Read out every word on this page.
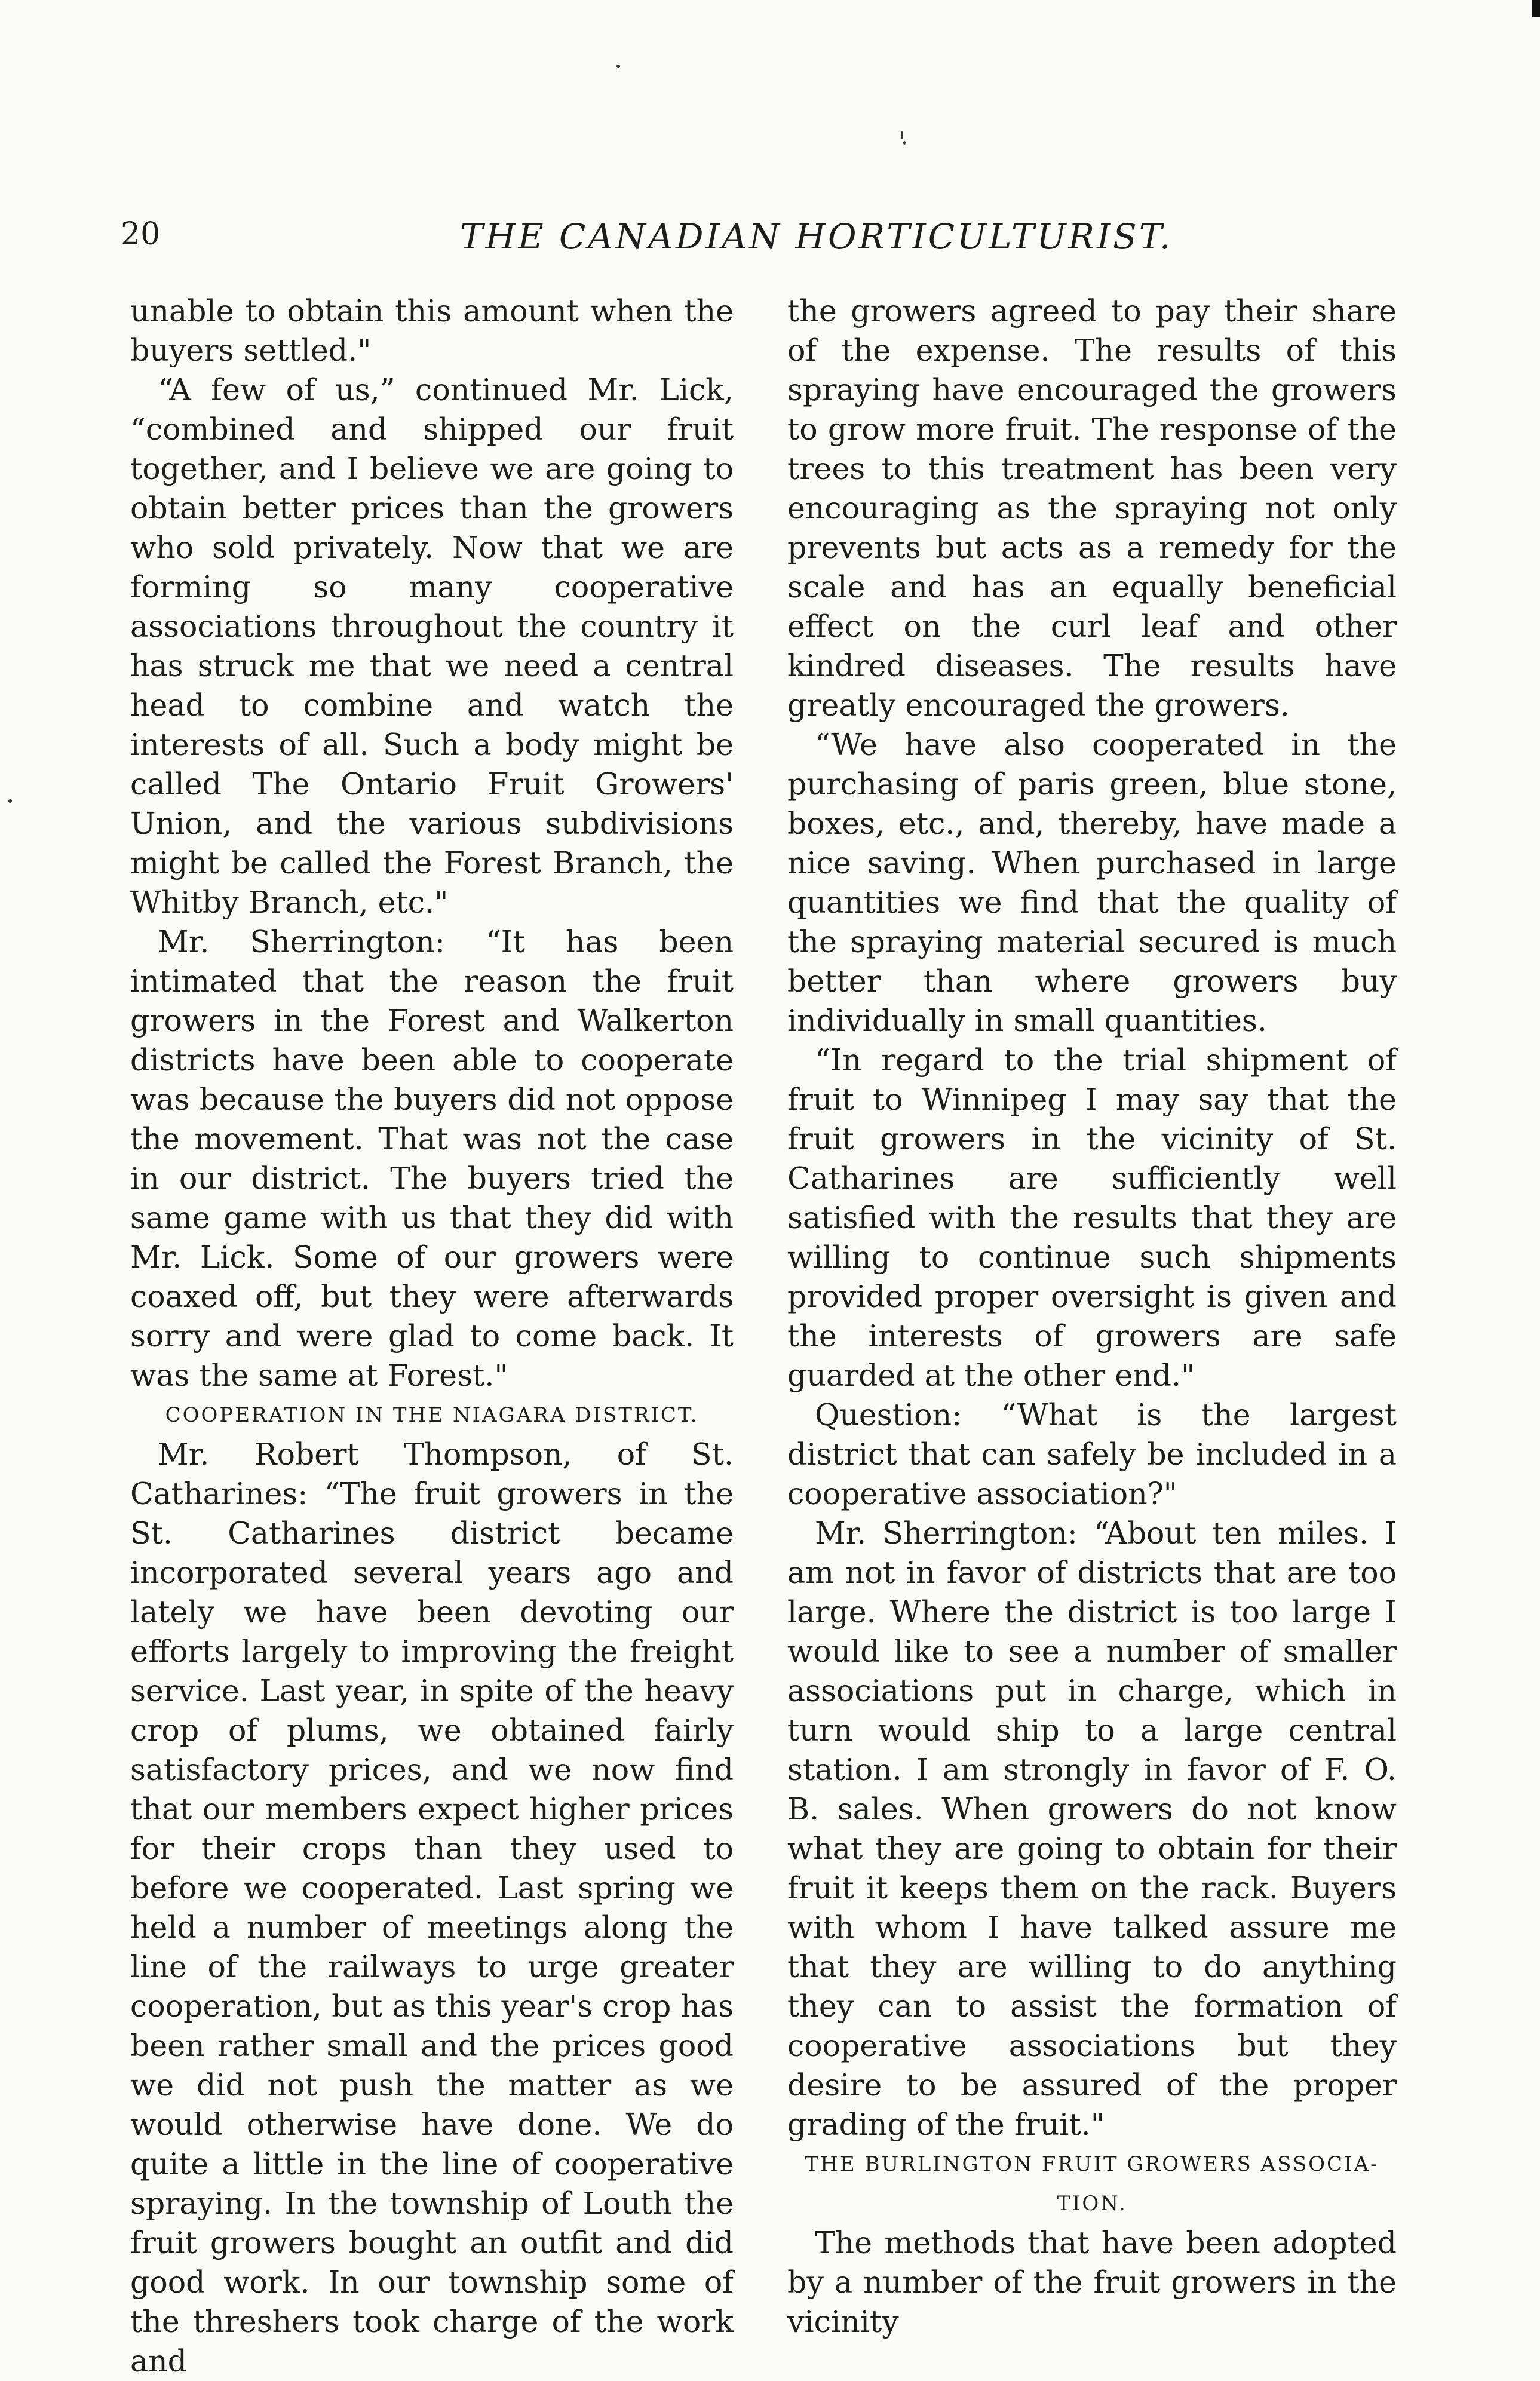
20	THE CANADIAN HORTICULTURIST.

unable to obtain this amount when the buyers settled."

“A few of us,” continued Mr. Lick, “combined and shipped our fruit together, and I believe we are going to obtain better prices than the growers who sold privately. Now that we are forming so many cooperative associations throughout the country it has struck me that we need a central head to combine and watch the interests of all. Such a body might be called The Ontario Fruit Growers' Union, and the various subdivisions might be called the Forest Branch, the Whitby Branch, etc."

Mr. Sherrington: “It has been intimated that the reason the fruit growers in the Forest and Walkerton districts have been able to cooperate was because the buyers did not oppose the movement. That was not the case in our district. The buyers tried the same game with us that they did with Mr. Lick. Some of our growers were coaxed off, but they were afterwards sorry and were glad to come back. It was the same at Forest."

COOPERATION IN THE NIAGARA DISTRICT.

Mr. Robert Thompson, of St. Catharines: “The fruit growers in the St. Catharines district became incorporated several years ago and lately we have been devoting our efforts largely to improving the freight service. Last year, in spite of the heavy crop of plums, we obtained fairly satisfactory prices, and we now find that our members expect higher prices for their crops than they used to before we cooperated. Last spring we held a number of meetings along the line of the railways to urge greater cooperation, but as this year's crop has been rather small and the prices good we did not push the matter as we would otherwise have done. We do quite a little in the line of cooperative spraying. In the township of Louth the fruit growers bought an outfit and did good work. In our township some of the threshers took charge of the work and

the growers agreed to pay their share of the expense. The results of this spraying have encouraged the growers to grow more fruit. The response of the trees to this treatment has been very encouraging as the spraying not only prevents but acts as a remedy for the scale and has an equally beneficial effect on the curl leaf and other kindred diseases. The results have greatly encouraged the growers.

“We have also cooperated in the purchasing of paris green, blue stone, boxes, etc., and, thereby, have made a nice saving. When purchased in large quantities we find that the quality of the spraying material secured is much better than where growers buy individually in small quantities.

“In regard to the trial shipment of fruit to Winnipeg I may say that the fruit growers in the vicinity of St. Catharines are sufficiently well satisfied with the results that they are willing to continue such shipments provided proper oversight is given and the interests of growers are safe guarded at the other end."

Question: “What is the largest district that can safely be included in a cooperative association?"

Mr. Sherrington: “About ten miles. I am not in favor of districts that are too large. Where the district is too large I would like to see a number of smaller associations put in charge, which in turn would ship to a large central station. I am strongly in favor of F. O. B. sales. When growers do not know what they are going to obtain for their fruit it keeps them on the rack. Buyers with whom I have talked assure me that they are willing to do anything they can to assist the formation of cooperative associations but they desire to be assured of the proper grading of the fruit."

THE BURLINGTON FRUIT GROWERS ASSOCIA-

TION.

The methods that have been adopted by a number of the fruit growers in the vicinity
